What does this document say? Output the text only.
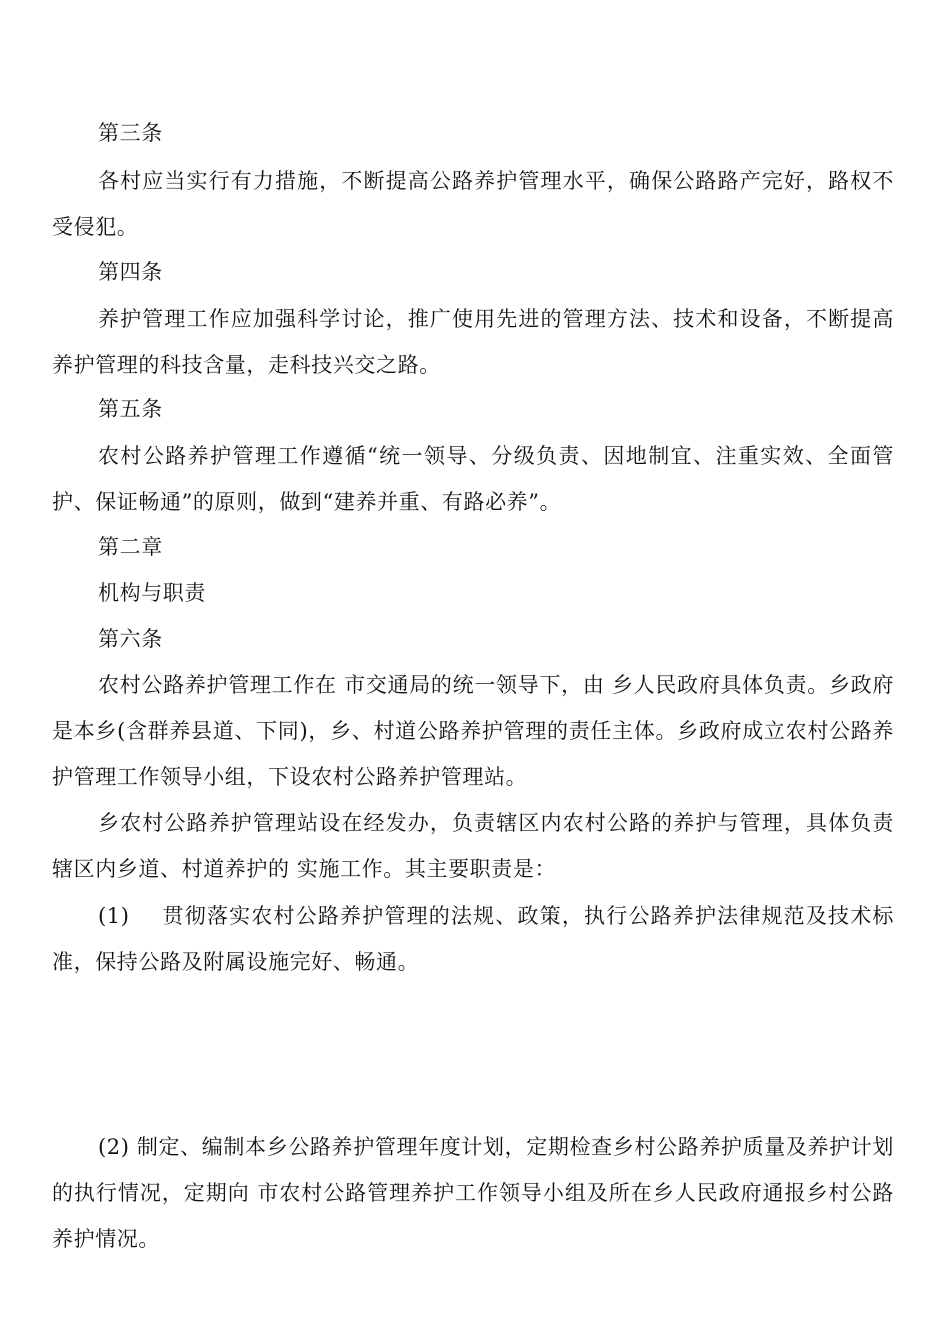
第三条

各村应当实行有力措施，不断提高公路养护管理水平，确保公路路产完好，路权不受侵犯。

第四条

养护管理工作应加强科学讨论，推广使用先进的管理方法、技术和设备，不断提高养护管理的科技含量，走科技兴交之路。

第五条

农村公路养护管理工作遵循“统一领导、分级负责、因地制宜、注重实效、全面管护、保证畅通”的原则，做到“建养并重、有路必养”。

第二章

机构与职责

第六条

农村公路养护管理工作在 市交通局的统一领导下，由 乡人民政府具体负责。乡政府是本乡(含群养县道、下同)，乡、村道公路养护管理的责任主体。乡政府成立农村公路养护管理工作领导小组，下设农村公路养护管理站。

乡农村公路养护管理站设在经发办，负责辖区内农村公路的养护与管理，具体负责辖区内乡道、村道养护的 实施工作。其主要职责是：

(1) 贯彻落实农村公路养护管理的法规、政策，执行公路养护法律规范及技术标准，保持公路及附属设施完好、畅通。

(2) 制定、编制本乡公路养护管理年度计划，定期检查乡村公路养护质量及养护计划的执行情况，定期向 市农村公路管理养护工作领导小组及所在乡人民政府通报乡村公路养护情况。
